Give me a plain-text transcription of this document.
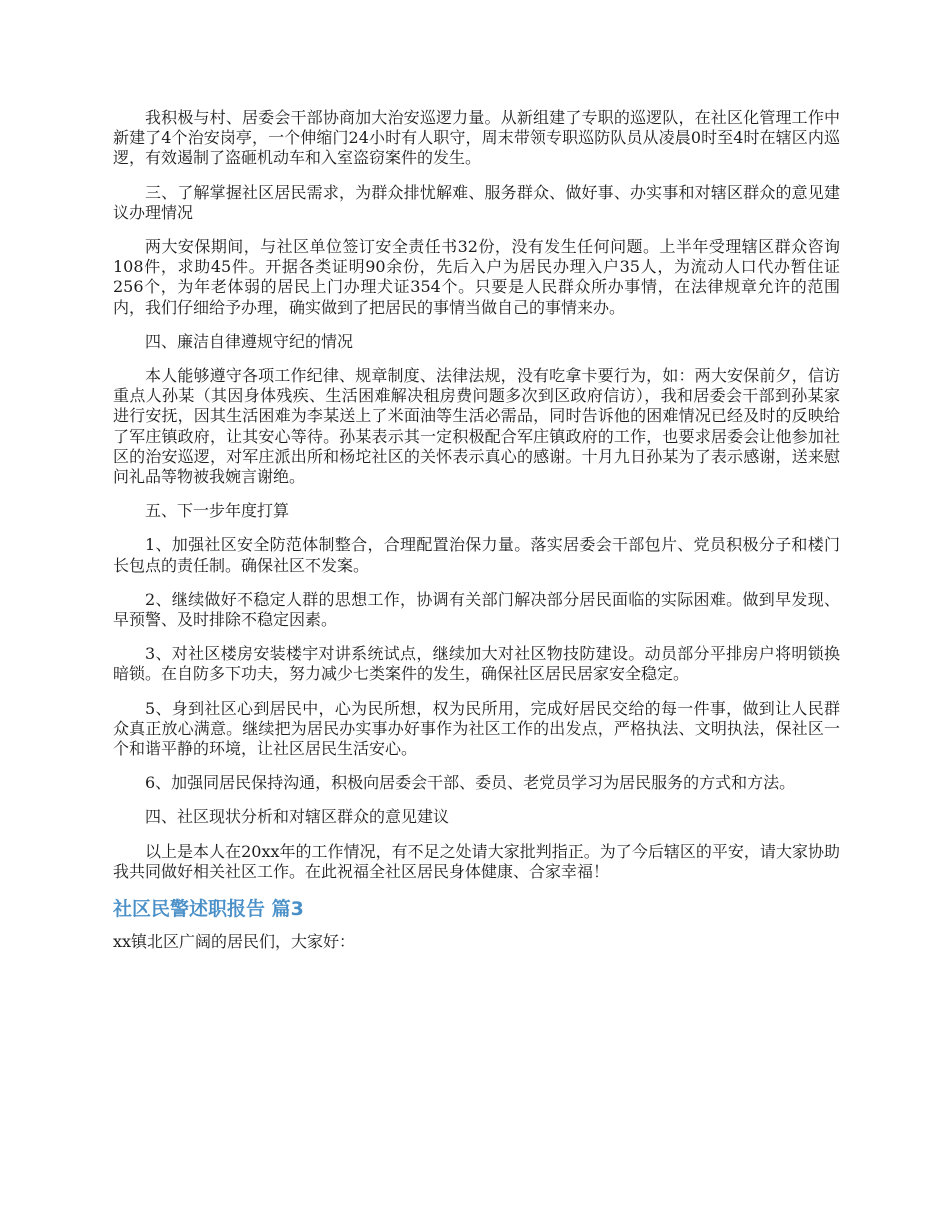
我积极与村、居委会干部协商加大治安巡逻力量。从新组建了专职的巡逻队，在社区化管理工作中新建了4个治安岗亭，一个伸缩门24小时有人职守，周末带领专职巡防队员从凌晨0时至4时在辖区内巡逻，有效遏制了盗砸机动车和入室盗窃案件的发生。

三、了解掌握社区居民需求，为群众排忧解难、服务群众、做好事、办实事和对辖区群众的意见建议办理情况

两大安保期间，与社区单位签订安全责任书32份，没有发生任何问题。上半年受理辖区群众咨询108件，求助45件。开据各类证明90余份，先后入户为居民办理入户35人，为流动人口代办暂住证256个，为年老体弱的居民上门办理犬证354个。只要是人民群众所办事情，在法律规章允许的范围内，我们仔细给予办理，确实做到了把居民的事情当做自己的事情来办。

四、廉洁自律遵规守纪的情况

本人能够遵守各项工作纪律、规章制度、法律法规，没有吃拿卡要行为，如：两大安保前夕，信访重点人孙某（其因身体残疾、生活困难解决租房费问题多次到区政府信访），我和居委会干部到孙某家进行安抚，因其生活困难为李某送上了米面油等生活必需品，同时告诉他的困难情况已经及时的反映给了军庄镇政府，让其安心等待。孙某表示其一定积极配合军庄镇政府的工作，也要求居委会让他参加社区的治安巡逻，对军庄派出所和杨坨社区的关怀表示真心的感谢。十月九日孙某为了表示感谢，送来慰问礼品等物被我婉言谢绝。

五、下一步年度打算

1、加强社区安全防范体制整合，合理配置治保力量。落实居委会干部包片、党员积极分子和楼门长包点的责任制。确保社区不发案。

2、继续做好不稳定人群的思想工作，协调有关部门解决部分居民面临的实际困难。做到早发现、早预警、及时排除不稳定因素。

3、对社区楼房安装楼宇对讲系统试点，继续加大对社区物技防建设。动员部分平排房户将明锁换暗锁。在自防多下功夫，努力减少七类案件的发生，确保社区居民居家安全稳定。

5、身到社区心到居民中，心为民所想，权为民所用，完成好居民交给的每一件事，做到让人民群众真正放心满意。继续把为居民办实事办好事作为社区工作的出发点，严格执法、文明执法，保社区一个和谐平静的环境，让社区居民生活安心。

6、加强同居民保持沟通，积极向居委会干部、委员、老党员学习为居民服务的方式和方法。

四、社区现状分析和对辖区群众的意见建议

以上是本人在20xx年的工作情况，有不足之处请大家批判指正。为了今后辖区的平安，请大家协助我共同做好相关社区工作。在此祝福全社区居民身体健康、合家幸福！

社区民警述职报告 篇3

xx镇北区广阔的居民们，大家好：
